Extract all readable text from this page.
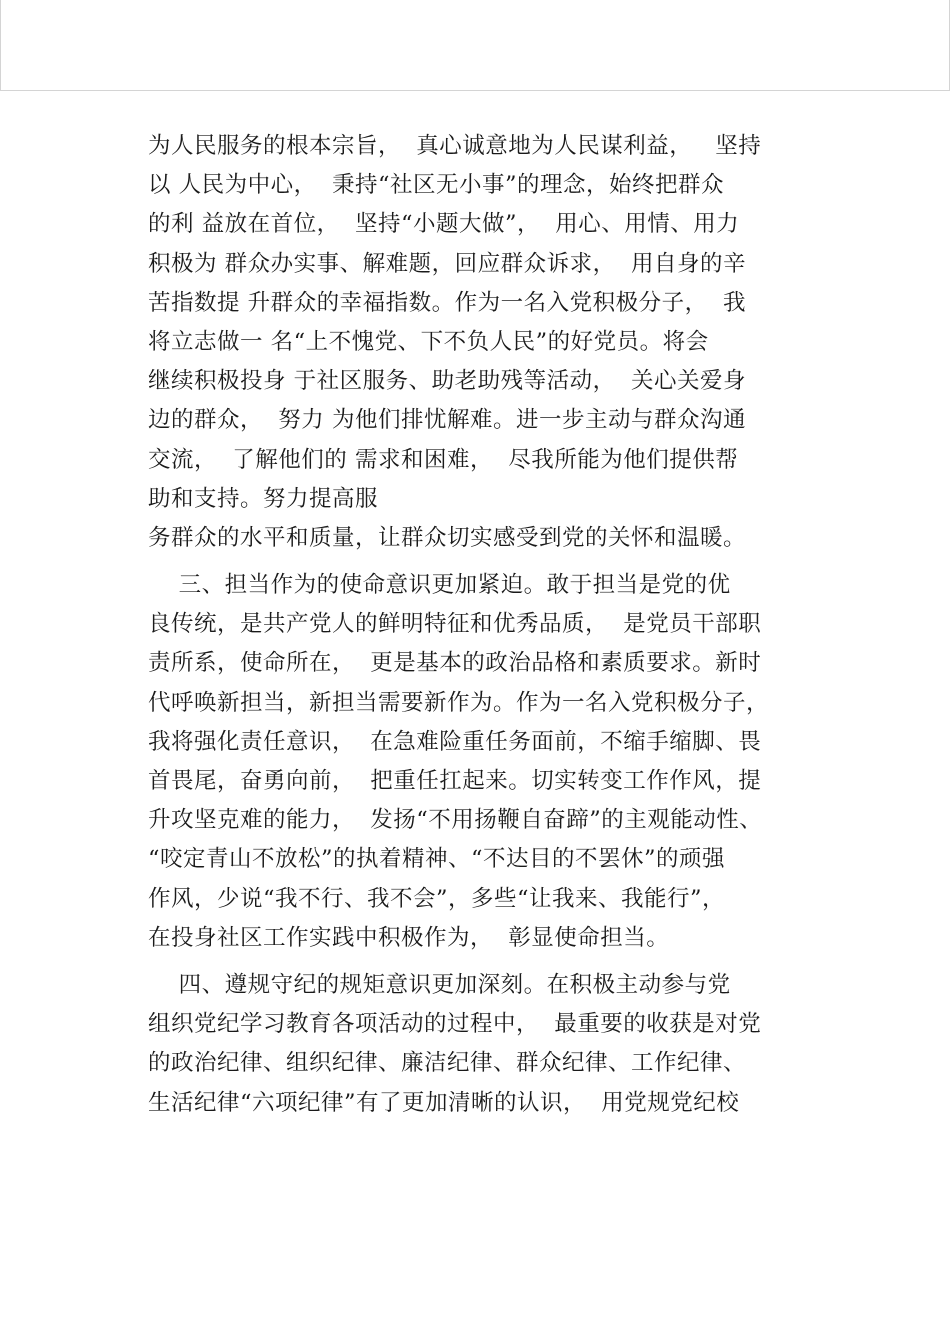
为人民服务的根本宗旨，  真心诚意地为人民谋利益，   坚持
以 人民为中心，  秉持“社区无小事”的理念，始终把群众
的利 益放在首位，  坚持“小题大做”，  用心、用情、用力
积极为 群众办实事、解难题，回应群众诉求，  用自身的辛
苦指数提 升群众的幸福指数。作为一名入党积极分子，  我
将立志做一 名“上不愧党、下不负人民”的好党员。将会
继续积极投身 于社区服务、助老助残等活动，  关心关爱身
边的群众，  努力 为他们排忧解难。进一步主动与群众沟通
交流，  了解他们的 需求和困难，  尽我所能为他们提供帮
助和支持。努力提高服
务群众的水平和质量，让群众切实感受到党的关怀和温暖。
三、担当作为的使命意识更加紧迫。敢于担当是党的优
良传统，是共产党人的鲜明特征和优秀品质，  是党员干部职
责所系，使命所在，  更是基本的政治品格和素质要求。新时
代呼唤新担当，新担当需要新作为。作为一名入党积极分子，
我将强化责任意识，  在急难险重任务面前，不缩手缩脚、畏
首畏尾，奋勇向前，  把重任扛起来。切实转变工作作风，提
升攻坚克难的能力，  发扬“不用扬鞭自奋蹄”的主观能动性、
“咬定青山不放松”的执着精神、“不达目的不罢休”的顽强
作风，少说“我不行、我不会”，多些“让我来、我能行”，
在投身社区工作实践中积极作为，  彰显使命担当。
四、遵规守纪的规矩意识更加深刻。在积极主动参与党
组织党纪学习教育各项活动的过程中，  最重要的收获是对党
的政治纪律、组织纪律、廉洁纪律、群众纪律、工作纪律、
生活纪律“六项纪律”有了更加清晰的认识，  用党规党纪校
